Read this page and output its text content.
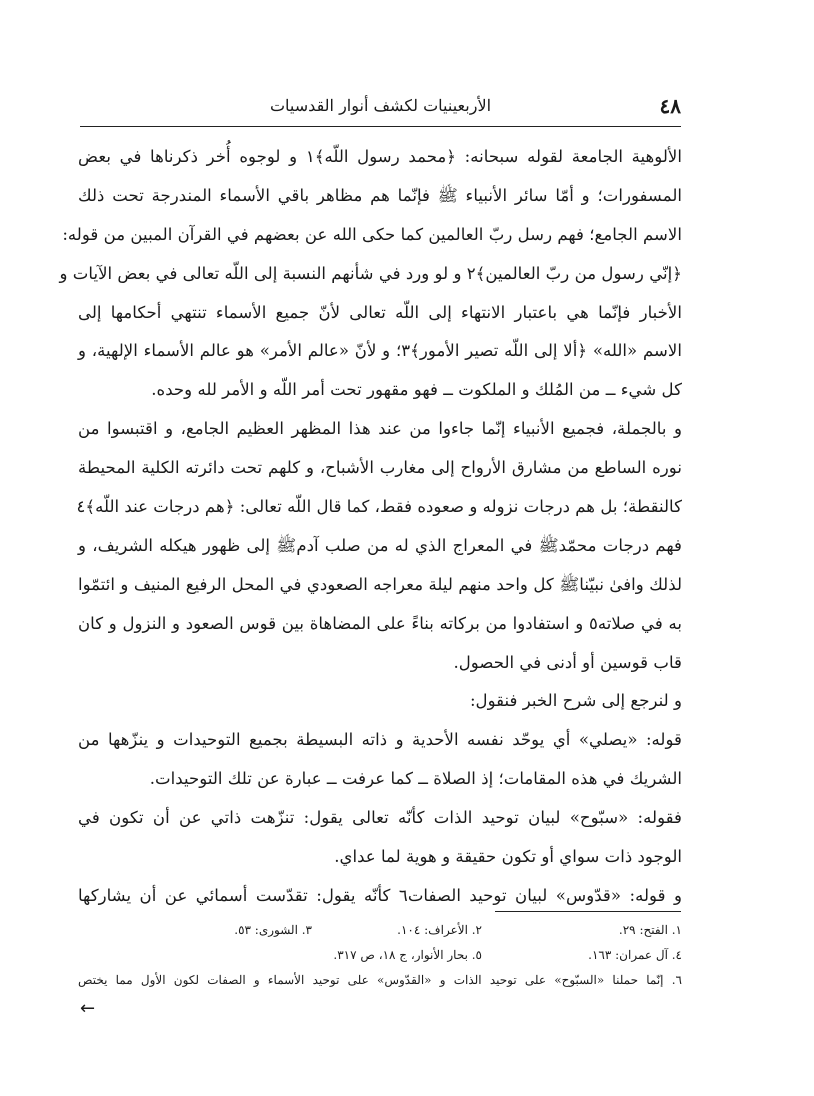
٤٨
الأربعينيات لكشف أنوار القدسيات
الألوهية الجامعة لقوله سبحانه: ﴿محمد رسول اللّه﴾١ و لوجوه أُخر ذكرناها في بعض
المسفورات؛ و أمّا سائر الأنبياء ﷺ فإنّما هم مظاهر باقي الأسماء المندرجة تحت ذلك
الاسم الجامع؛ فهم رسل ربّ العالمين كما حكى الله عن بعضهم في القرآن المبين من قوله:
﴿إنّي رسول من ربّ العالمين﴾٢ و لو ورد في شأنهم النسبة إلى اللّه تعالى في بعض الآيات و
الأخبار فإنّما هي باعتبار الانتهاء إلى اللّه تعالى لأنّ جميع الأسماء تنتهي أحكامها إلى
الاسم «الله» ﴿ألا إلى اللّه تصير الأمور﴾٣؛ و لأنّ «عالم الأمر» هو عالم الأسماء الإلهية، و
كل شيء ــ من المُلك و الملكوت ــ فهو مقهور تحت أمر اللّه و الأمر لله وحده.
و بالجملة، فجميع الأنبياء إنّما جاءوا من عند هذا المظهر العظيم الجامع، و اقتبسوا من
نوره الساطع من مشارق الأرواح إلى مغارب الأشباح، و كلهم تحت دائرته الكلية المحيطة
كالنقطة؛ بل هم درجات نزوله و صعوده فقط، كما قال اللّه تعالى: ﴿هم درجات عند اللّه﴾٤
فهم درجات محمّدﷺ في المعراج الذي له من صلب آدمﷺ إلى ظهور هيكله الشريف، و
لذلك وافىٰ نبيّناﷺ كل واحد منهم ليلة معراجه الصعودي في المحل الرفيع المنيف و ائتمّوا
به في صلاته٥ و استفادوا من بركاته بناءً على المضاهاة بين قوس الصعود و النزول و كان
قاب قوسين أو أدنى في الحصول.
و لنرجع إلى شرح الخبر فنقول:
قوله: «يصلي» أي يوحّد نفسه الأحدية و ذاته البسيطة بجميع التوحيدات و ينزّهها من
الشريك في هذه المقامات؛ إذ الصلاة ــ كما عرفت ــ عبارة عن تلك التوحيدات.
فقوله: «سبّوح» لبيان توحيد الذات كأنّه تعالى يقول: تنزّهت ذاتي عن أن تكون في
الوجود ذات سواي أو تكون حقيقة و هوية لما عداي.
و قوله: «قدّوس» لبيان توحيد الصفات٦ كأنّه يقول: تقدّست أسمائي عن أن يشاركها
١. الفتح: ٢٩.
٢. الأعراف: ١٠٤.
٣. الشورى: ٥٣.
٤. آل عمران: ١٦٣.
٥. بحار الأنوار، ج ١٨، ص ٣١٧.
٦. إنّما حملنا «السبّوح» على توحيد الذات و «القدّوس» على توحيد الأسماء و الصفات لكون الأول مما يختص
←
